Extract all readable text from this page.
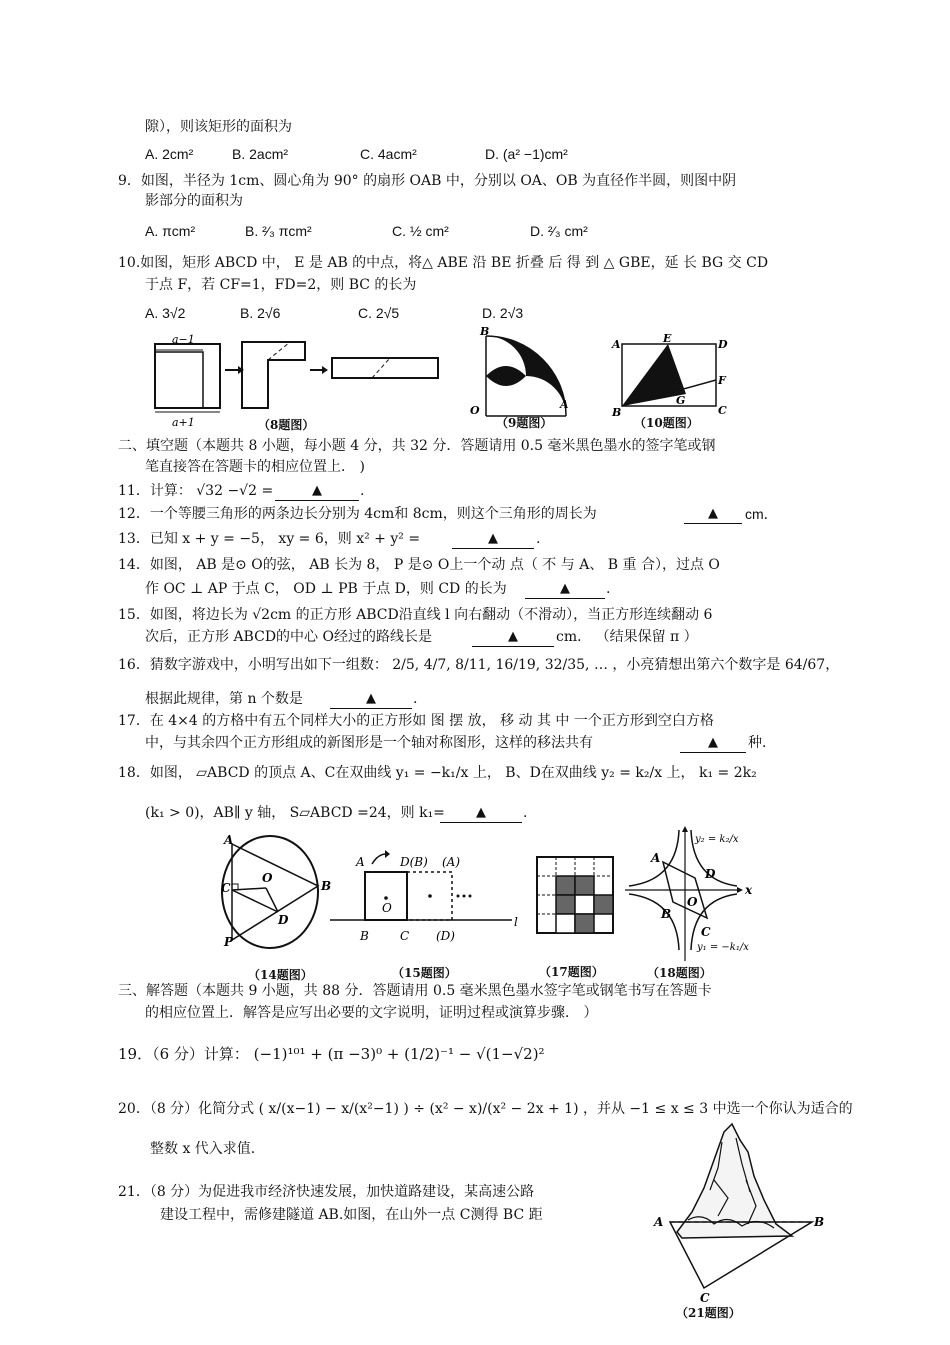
隙），则该矩形的面积为
A. 2cm²	B. 2acm²	C. 4acm²	D. (a² −1)cm²
9．如图，半径为 1cm、圆心角为 90° 的扇形 OAB 中，分别以 OA、OB 为直径作半圆，则图中阴
影部分的面积为
A. πcm²	B. ²⁄₃ πcm²	C. ½ cm²	D. ²⁄₃ cm²
10.如图，矩形 ABCD 中， E 是 AB 的中点，将△ ABE 沿 BE 折叠 后 得 到 △ GBE，延 长 BG 交 CD
于点 F，若 CF=1，FD=2，则 BC 的长为
A. 3√2	B. 2√6	C. 2√5	D. 2√3
a−1
a+1	（8题图）
B
O	A
（9题图）
A	E	D
F
G
B	C
（10题图）
二、填空题（本题共 8 小题，每小题 4 分，共 32 分．答题请用 0.5 毫米黑色墨水的签字笔或钢
笔直接答在答题卡的相应位置上． )
11．计算： √32 −√2 =	▲	.
12．一个等腰三角形的两条边长分别为 4cm和 8cm，则这个三角形的周长为	▲	cm．
13．已知 x + y = −5， xy = 6，则 x² + y² =	▲	.
14．如图， AB 是⊙ O的弦， AB 长为 8， P 是⊙ O上一个动 点（ 不 与 A、 B 重 合），过点 O
作 OC ⊥ AP 于点 C， OD ⊥ PB 于点 D，则 CD 的长为	▲	.
15．如图，将边长为 √2cm 的正方形 ABCD沿直线 l 向右翻动（不滑动），当正方形连续翻动 6
次后，正方形 ABCD的中心 O经过的路线长是	▲	cm． （结果保留 π ）
16．猜数字游戏中，小明写出如下一组数： 2/5, 4/7, 8/11, 16/19, 32/35, … ，小亮猜想出第六个数字是 64/67，
根据此规律，第 n 个数是	▲	.
17．在 4×4 的方格中有五个同样大小的正方形如 图 摆 放， 移 动 其 中 一个正方形到空白方格
中，与其余四个正方形组成的新图形是一个轴对称图形，这样的移法共有	▲	种．
18．如图， ▱ABCD 的顶点 A、C在双曲线 y₁ = −k₁/x 上， B、D在双曲线 y₂ = k₂/x 上， k₁ = 2k₂
(k₁ > 0)，AB∥ y 轴， S▱ABCD =24，则 k₁=	▲	.
A
C
O
B
D
P
（14题图）
A	D(B) (A)
O
B	C (D)
l
（15题图）	（17题图）
y₂ = k₂/x
A
D
x
O
B
C
y₁ = −k₁/x
（18题图）
三、解答题（本题共 9 小题，共 88 分．答题请用 0.5 毫米黑色墨水签字笔或钢笔书写在答题卡
的相应位置上．解答是应写出必要的文字说明，证明过程或演算步骤． ）
19．（6 分）计算： (−1)¹⁰¹ + (π −3)⁰ + (1/2)⁻¹ − √(1−√2)²
20．（8 分）化简分式 ( x/(x−1) − x/(x²−1) ) ÷ (x² − x)/(x² − 2x + 1) ，并从 −1 ≤ x ≤ 3 中选一个你认为适合的
整数 x 代入求值．
21．（8 分）为促进我市经济快速发展，加快道路建设，某高速公路
建设工程中，需修建隧道 AB.如图，在山外一点 C测得 BC 距	A	B
C
（21题图）
